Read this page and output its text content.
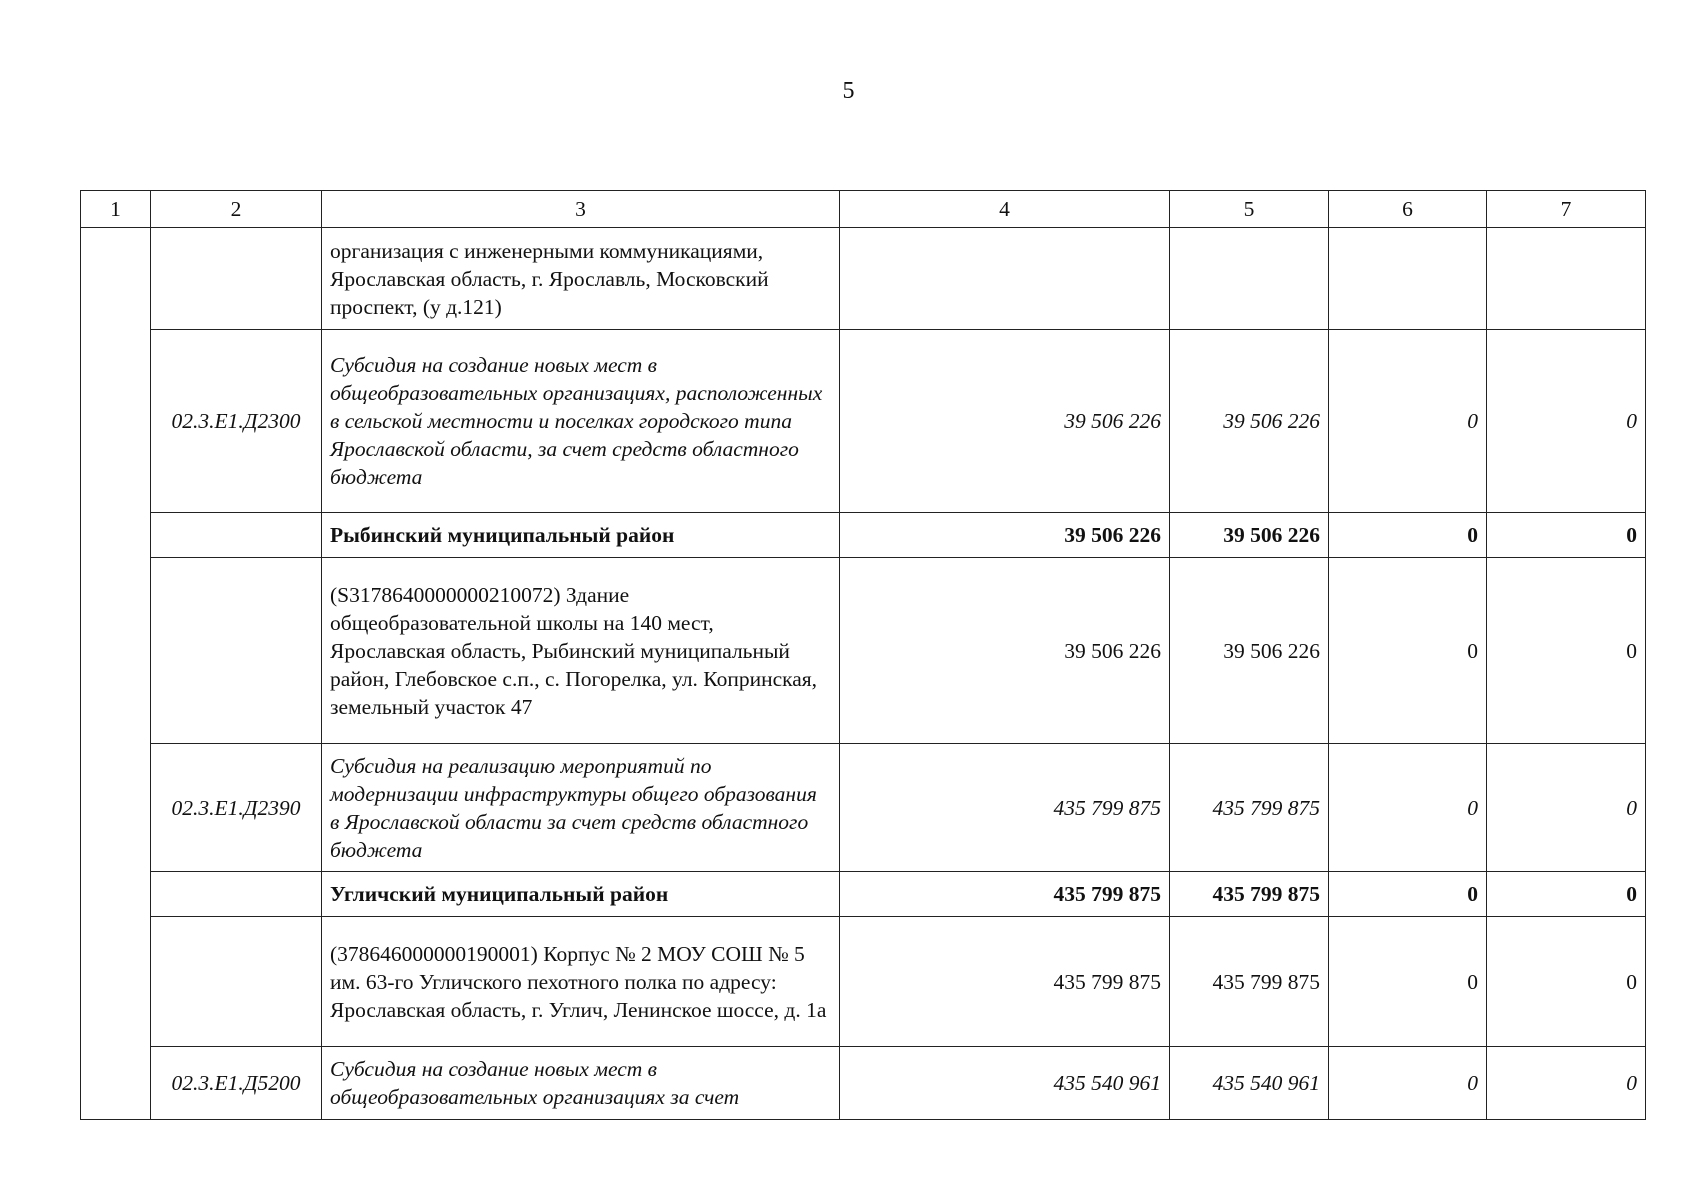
5
1	2	3	4	5	6	7
		организация с инженерными коммуникациями, Ярославская область, г. Ярославль, Московский проспект, (у д.121)				
	02.3.Е1.Д2300	Субсидия на создание новых мест в общеобразовательных организациях, расположенных в сельской местности и поселках городского типа Ярославской области, за счет средств областного бюджета	39 506 226	39 506 226	0	0
		Рыбинский муниципальный район	39 506 226	39 506 226	0	0
		(S3178640000000210072) Здание общеобразовательной школы на 140 мест, Ярославская область, Рыбинский муниципальный район, Глебовское с.п., с. Погорелка, ул. Копринская, земельный участок 47	39 506 226	39 506 226	0	0
	02.3.Е1.Д2390	Субсидия на реализацию мероприятий по модернизации инфраструктуры общего образования в Ярославской области за счет средств областного бюджета	435 799 875	435 799 875	0	0
		Угличский муниципальный район	435 799 875	435 799 875	0	0
		(378646000000190001) Корпус № 2 МОУ СОШ № 5 им. 63-го Угличского пехотного полка по адресу: Ярославская область, г. Углич, Ленинское шоссе, д. 1а	435 799 875	435 799 875	0	0
	02.3.Е1.Д5200	Субсидия на создание новых мест в общеобразовательных организациях за счет	435 540 961	435 540 961	0	0
